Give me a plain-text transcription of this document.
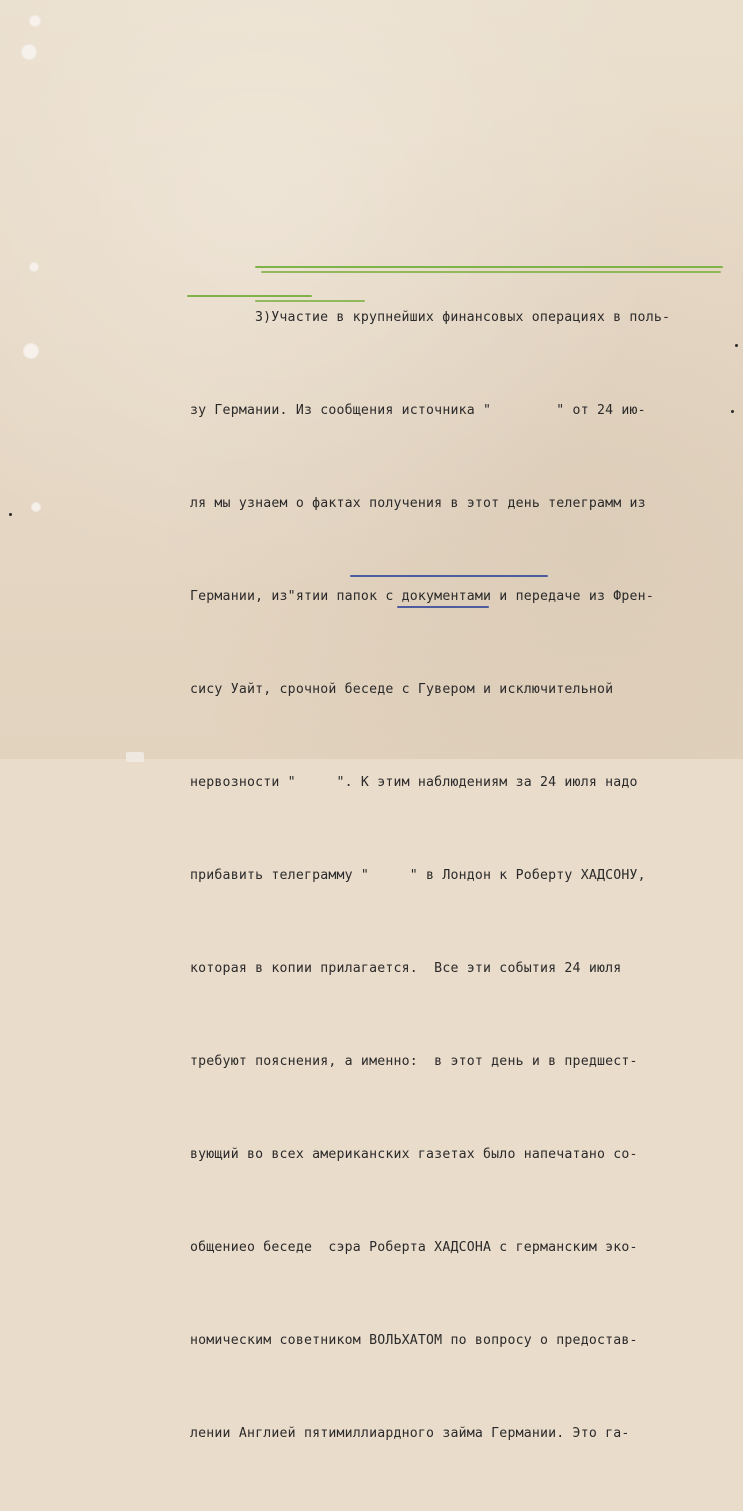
3)Участие в крупнейших финансовых операциях в поль-

зу Германии. Из сообщения источника "        " от 24 ию-

ля мы узнаем о фактах получения в этот день телеграмм из

Германии, из"ятии папок с документами и передаче из Френ-

сису Уайт, срочной беседе с Гувером и исключительной

нервозности "     ". К этим наблюдениям за 24 июля надо

прибавить телеграмму "     " в Лондон к Роберту ХАДСОНУ,

которая в копии прилагается.  Все эти события 24 июля

требуют пояснения, а именно:  в этот день и в предшест-

вующий во всех американских газетах было напечатано со-

общениео беседе  сэра Роберта ХАДСОНА с германским эко-

номическим советником ВОЛЬХАТОМ по вопросу о предостав-

лении Англией пятимиллиардного займа Германии. Это га-
